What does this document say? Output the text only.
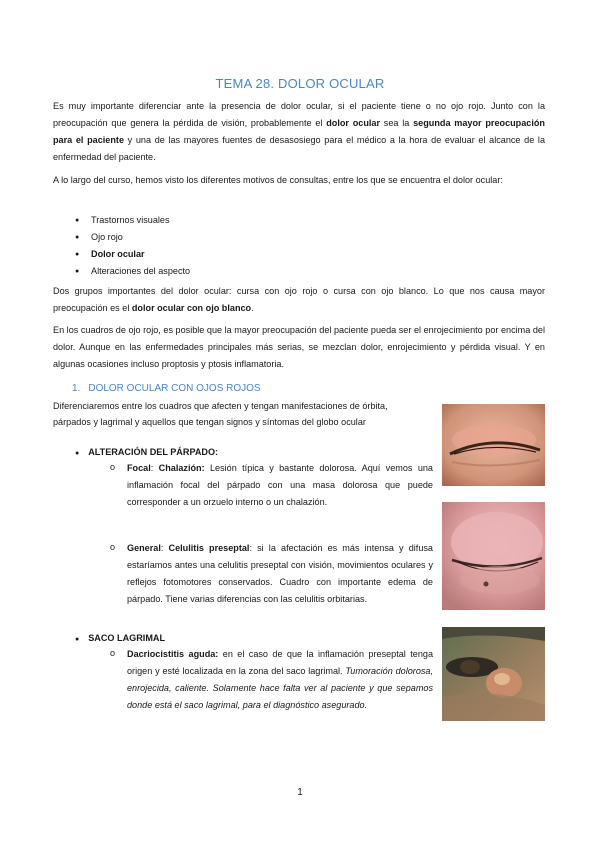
TEMA 28. DOLOR OCULAR

Es muy importante diferenciar ante la presencia de dolor ocular, si el paciente tiene o no ojo rojo. Junto con la preocupación que genera la pérdida de visión, probablemente el dolor ocular sea la segunda mayor preocupación para el paciente y una de las mayores fuentes de desasosiego para el médico a la hora de evaluar el alcance de la enfermedad del paciente.

A lo largo del curso, hemos visto los diferentes motivos de consultas, entre los que se encuentra el dolor ocular:

● Trastornos visuales
● Ojo rojo
● Dolor ocular
● Alteraciones del aspecto

Dos grupos importantes del dolor ocular: cursa con ojo rojo o cursa con ojo blanco. Lo que nos causa mayor preocupación es el dolor ocular con ojo blanco.

En los cuadros de ojo rojo, es posible que la mayor preocupación del paciente pueda ser el enrojecimiento por encima del dolor. Aunque en las enfermedades principales más serias, se mezclan dolor, enrojecimiento y pérdida visual. Y en algunas ocasiones incluso proptosis y ptosis inflamatoria.

1. DOLOR OCULAR CON OJOS ROJOS

Diferenciaremos entre los cuadros que afecten y tengan manifestaciones de órbita, párpados y lagrimal y aquellos que tengan signos y síntomas del globo ocular

● ALTERACIÓN DEL PÁRPADO:
o Focal: Chalazión: Lesión típica y bastante dolorosa. Aquí vemos una inflamación focal del párpado con una masa dolorosa que puede corresponder a un orzuelo interno o un chalazión.

o General: Celulitis preseptal: si la afectación es más intensa y difusa estaríamos antes una celulitis preseptal con visión, movimientos oculares y reflejos fotomotores conservados. Cuadro con importante edema de párpado. Tiene varias diferencias con las celulitis orbitarias.

● SACO LAGRIMAL
o Dacriocistitis aguda: en el caso de que la inflamación preseptal tenga origen y esté localizada en la zona del saco lagrimal. Tumoración dolorosa, enrojecida, caliente. Solamente hace falta ver al paciente y que sepamos donde está el saco lagrimal, para el diagnóstico asegurado.

1
